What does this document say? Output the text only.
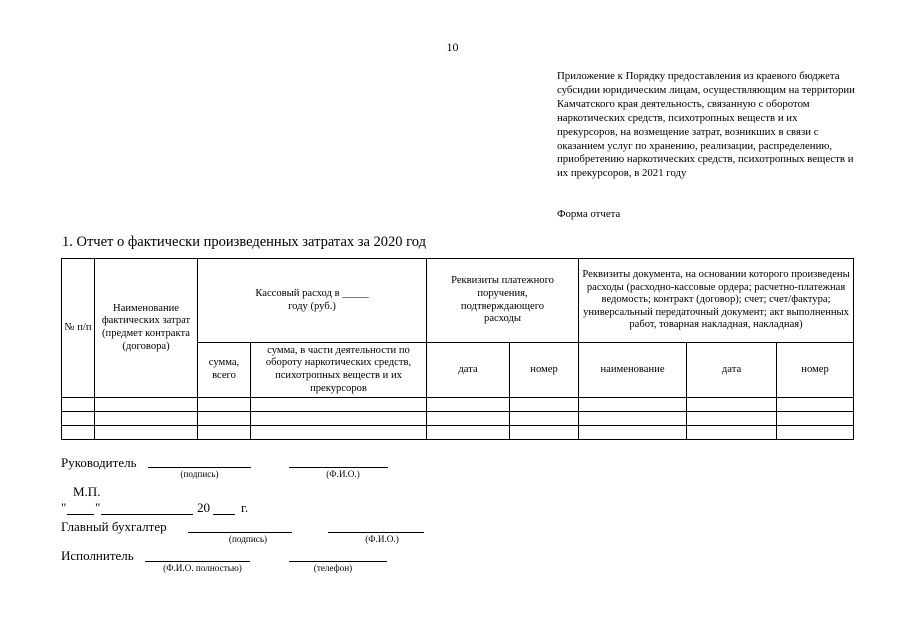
10
Приложение к Порядку предоставления из краевого бюджета субсидии юридическим лицам, осуществляющим на территории Камчатского края деятельность, связанную с оборотом наркотических средств, психотропных веществ и их прекурсоров, на возмещение затрат, возникших в связи с оказанием услуг по хранению, реализации, распределению, приобретению наркотических средств, психотропных веществ и их прекурсоров, в 2021 году
Форма отчета
1. Отчет о фактически произведенных затратах за 2020 год
№ п/п	Наименование фактических затрат (предмет контракта (договора)	Кассовый расход в _____ году (руб.)		Реквизиты платежного поручения, подтверждающего расходы		Реквизиты документа, на основании которого произведены расходы (расходно-кассовые ордера; расчетно-платежная ведомость; контракт (договор); счет; счет/фактура; универсальный передаточный документ; акт выполненных работ, товарная накладная, накладная)		
		сумма, всего	сумма, в части деятельности по обороту наркотических средств, психотропных веществ и их прекурсоров	дата	номер	наименование	дата	номер

Руководитель
(подпись)	(Ф.И.О.)
М.П.
" "	20 г.
Главный бухгалтер
(подпись)	(Ф.И.О.)
Исполнитель
(Ф.И.О. полностью)	(телефон)
